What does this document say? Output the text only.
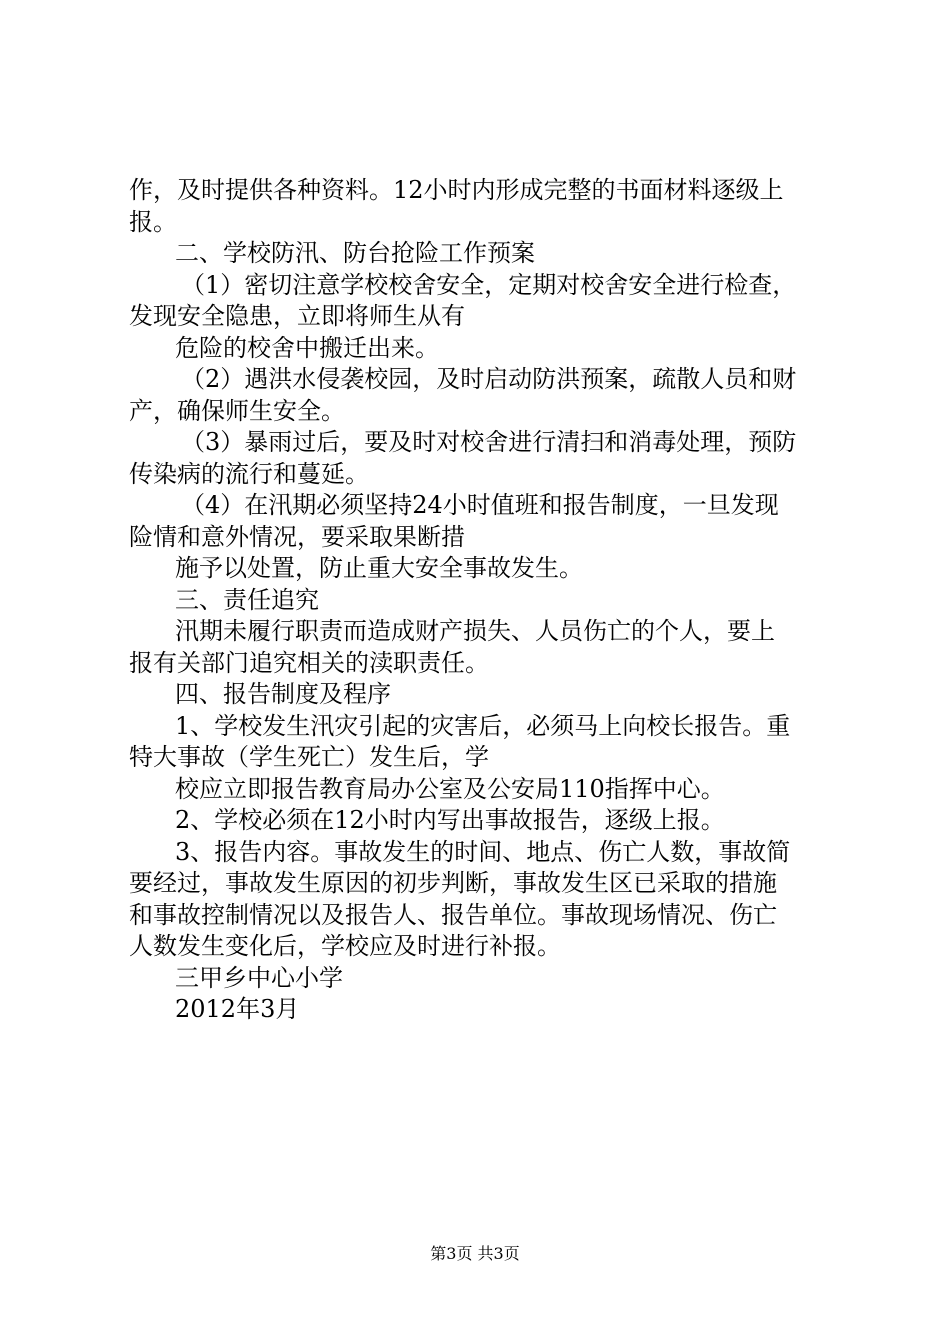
作，及时提供各种资料。12小时内形成完整的书面材料逐级上
报。
二、学校防汛、防台抢险工作预案
（1）密切注意学校校舍安全，定期对校舍安全进行检查，
发现安全隐患，立即将师生从有
危险的校舍中搬迁出来。
（2）遇洪水侵袭校园，及时启动防洪预案，疏散人员和财
产，确保师生安全。
（3）暴雨过后，要及时对校舍进行清扫和消毒处理，预防
传染病的流行和蔓延。
（4）在汛期必须坚持24小时值班和报告制度，一旦发现
险情和意外情况，要采取果断措
施予以处置，防止重大安全事故发生。
三、责任追究
汛期未履行职责而造成财产损失、人员伤亡的个人，要上
报有关部门追究相关的渎职责任。
四、报告制度及程序
1、学校发生汛灾引起的灾害后，必须马上向校长报告。重
特大事故（学生死亡）发生后，学
校应立即报告教育局办公室及公安局110指挥中心。
2、学校必须在12小时内写出事故报告，逐级上报。
3、报告内容。事故发生的时间、地点、伤亡人数，事故简
要经过，事故发生原因的初步判断，事故发生区已采取的措施
和事故控制情况以及报告人、报告单位。事故现场情况、伤亡
人数发生变化后，学校应及时进行补报。
三甲乡中心小学
2012年3月
第3页 共3页
